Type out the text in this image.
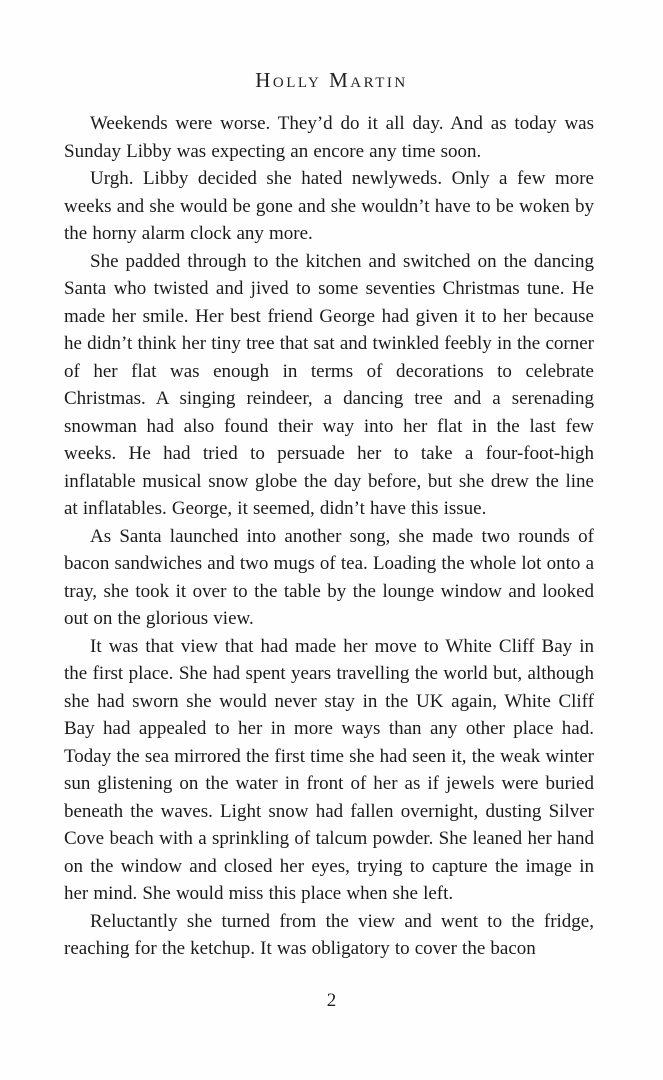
Holly Martin

Weekends were worse. They’d do it all day. And as today was Sunday Libby was expecting an encore any time soon.

Urgh. Libby decided she hated newlyweds. Only a few more weeks and she would be gone and she wouldn’t have to be woken by the horny alarm clock any more.

She padded through to the kitchen and switched on the dancing Santa who twisted and jived to some seventies Christmas tune. He made her smile. Her best friend George had given it to her because he didn’t think her tiny tree that sat and twinkled feebly in the corner of her flat was enough in terms of decorations to celebrate Christmas. A singing reindeer, a dancing tree and a serenading snowman had also found their way into her flat in the last few weeks. He had tried to persuade her to take a four-foot-high inflatable musical snow globe the day before, but she drew the line at inflatables. George, it seemed, didn’t have this issue.

As Santa launched into another song, she made two rounds of bacon sandwiches and two mugs of tea. Loading the whole lot onto a tray, she took it over to the table by the lounge window and looked out on the glorious view.

It was that view that had made her move to White Cliff Bay in the first place. She had spent years travelling the world but, although she had sworn she would never stay in the UK again, White Cliff Bay had appealed to her in more ways than any other place had. Today the sea mirrored the first time she had seen it, the weak winter sun glistening on the water in front of her as if jewels were buried beneath the waves. Light snow had fallen overnight, dusting Silver Cove beach with a sprinkling of talcum powder. She leaned her hand on the window and closed her eyes, trying to capture the image in her mind. She would miss this place when she left.

Reluctantly she turned from the view and went to the fridge, reaching for the ketchup. It was obligatory to cover the bacon

2
